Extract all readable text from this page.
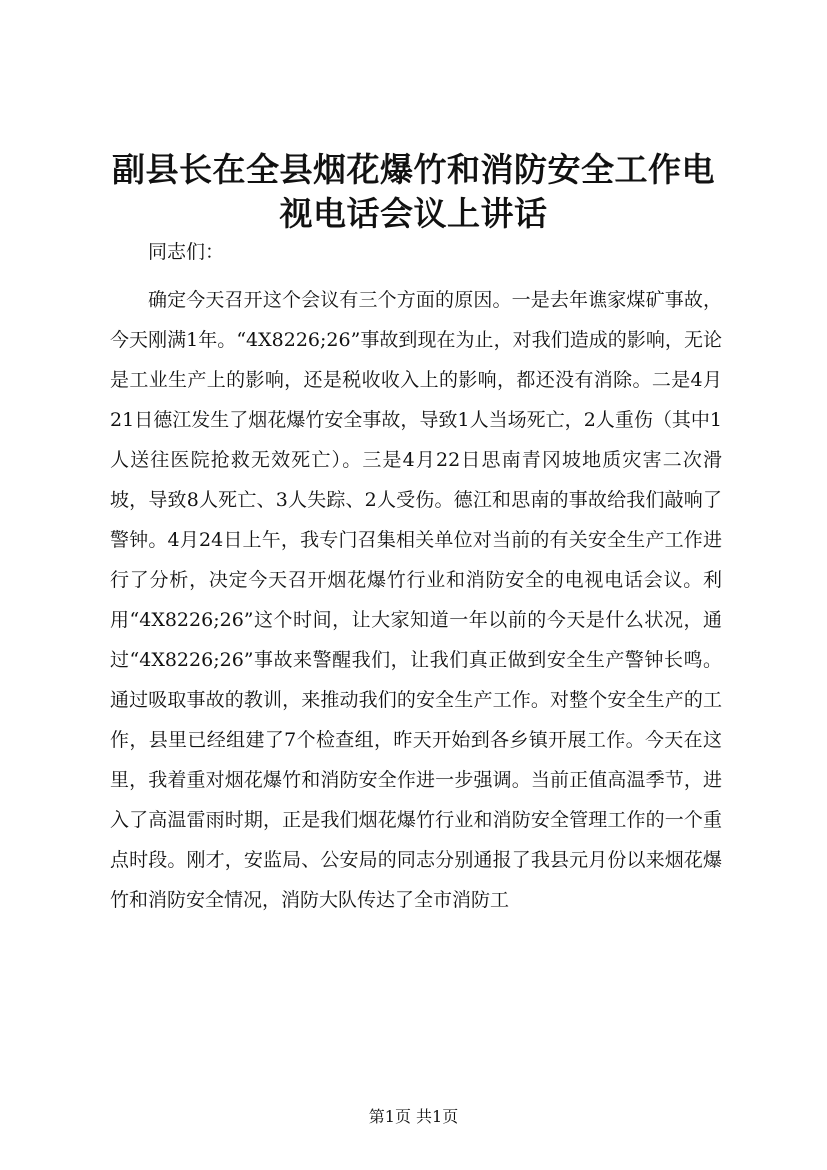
副县长在全县烟花爆竹和消防安全工作电视电话会议上讲话

同志们：

确定今天召开这个会议有三个方面的原因。一是去年谯家煤矿事故，今天刚满1年。“4X8226;26”事故到现在为止，对我们造成的影响，无论是工业生产上的影响，还是税收收入上的影响，都还没有消除。二是4月21日德江发生了烟花爆竹安全事故，导致1人当场死亡，2人重伤（其中1人送往医院抢救无效死亡）。三是4月22日思南青冈坡地质灾害二次滑坡，导致8人死亡、3人失踪、2人受伤。德江和思南的事故给我们敲响了警钟。4月24日上午，我专门召集相关单位对当前的有关安全生产工作进行了分析，决定今天召开烟花爆竹行业和消防安全的电视电话会议。利用“4X8226;26”这个时间，让大家知道一年以前的今天是什么状况，通过“4X8226;26”事故来警醒我们，让我们真正做到安全生产警钟长鸣。通过吸取事故的教训，来推动我们的安全生产工作。对整个安全生产的工作，县里已经组建了7个检查组，昨天开始到各乡镇开展工作。今天在这里，我着重对烟花爆竹和消防安全作进一步强调。当前正值高温季节，进入了高温雷雨时期，正是我们烟花爆竹行业和消防安全管理工作的一个重点时段。刚才，安监局、公安局的同志分别通报了我县元月份以来烟花爆竹和消防安全情况，消防大队传达了全市消防工

第1页 共1页
